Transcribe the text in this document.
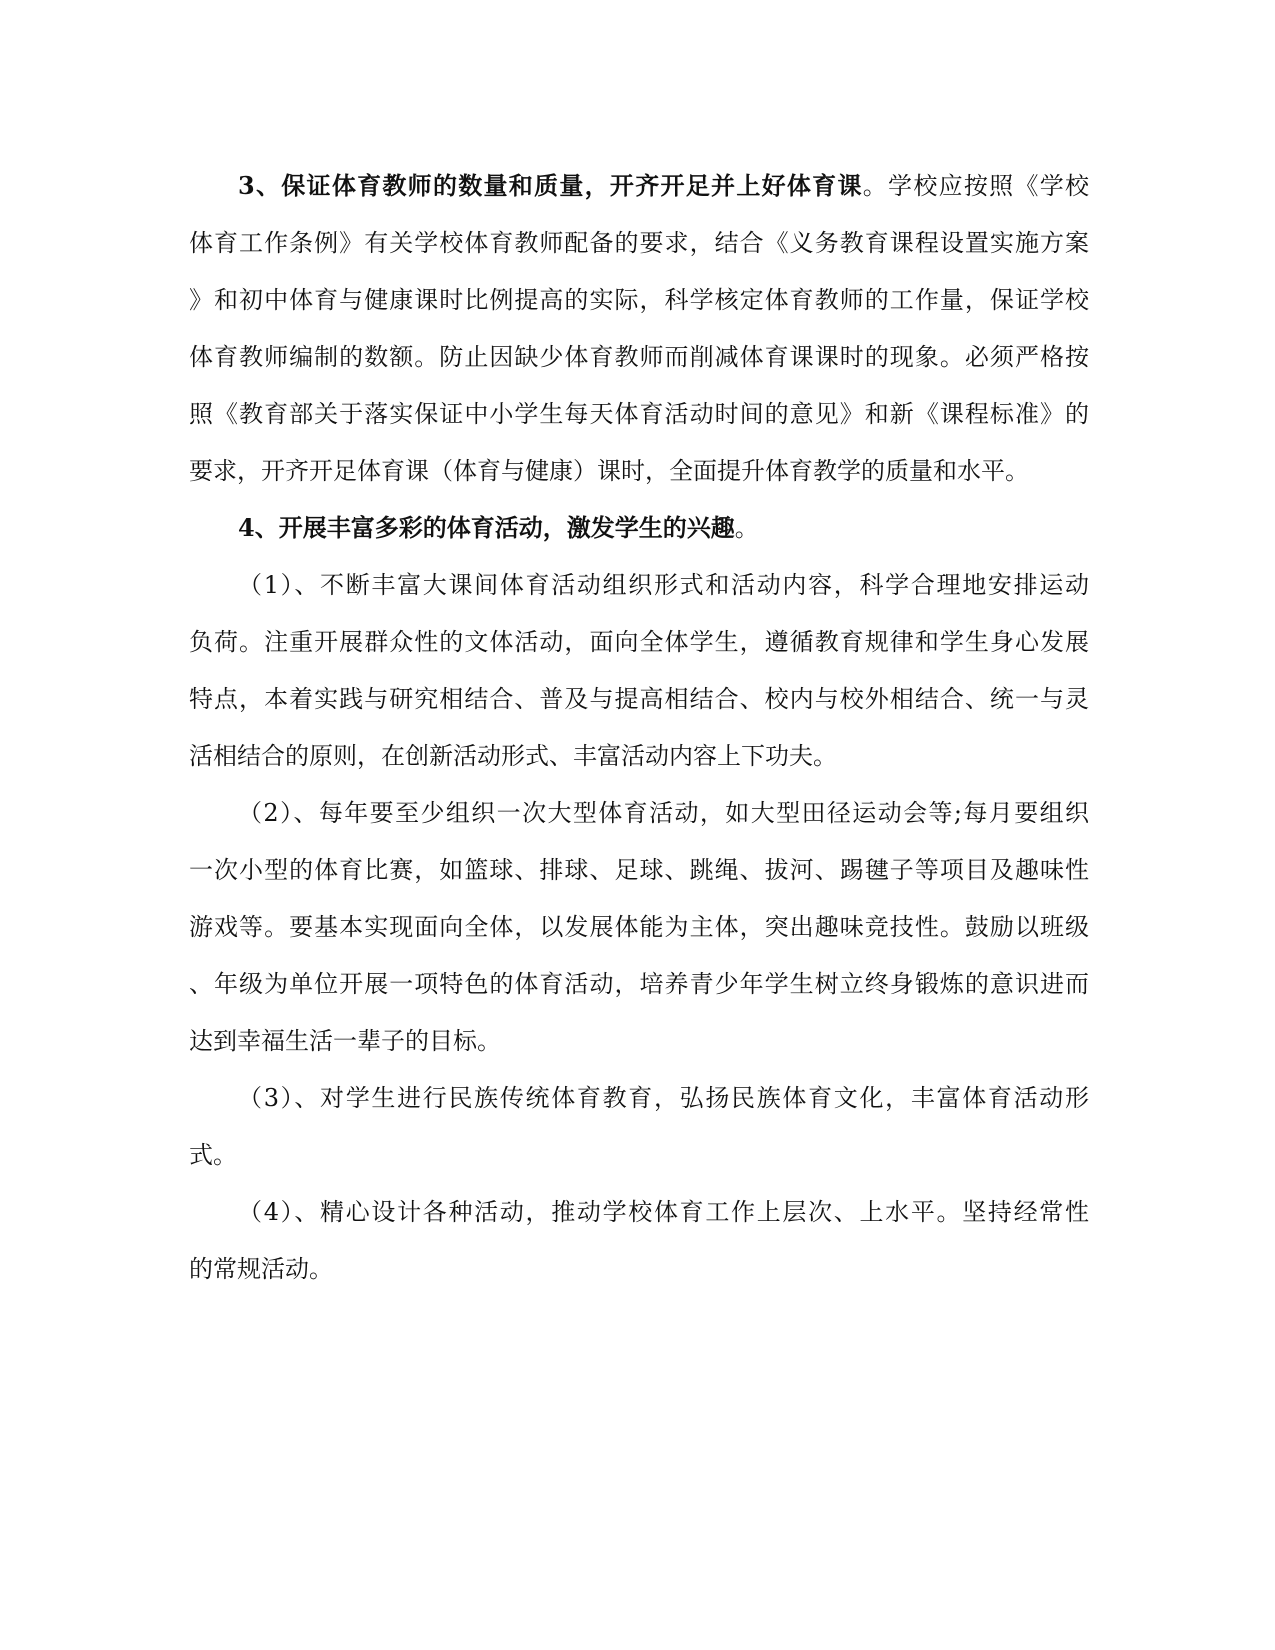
3、保证体育教师的数量和质量，开齐开足并上好体育课。学校应按照《学校
体育工作条例》有关学校体育教师配备的要求，结合《义务教育课程设置实施方案
》和初中体育与健康课时比例提高的实际，科学核定体育教师的工作量，保证学校
体育教师编制的数额。防止因缺少体育教师而削减体育课课时的现象。必须严格按
照《教育部关于落实保证中小学生每天体育活动时间的意见》和新《课程标准》的
要求，开齐开足体育课（体育与健康）课时，全面提升体育教学的质量和水平。
4、开展丰富多彩的体育活动，激发学生的兴趣。
（1）、不断丰富大课间体育活动组织形式和活动内容，科学合理地安排运动
负荷。注重开展群众性的文体活动，面向全体学生，遵循教育规律和学生身心发展
特点，本着实践与研究相结合、普及与提高相结合、校内与校外相结合、统一与灵
活相结合的原则，在创新活动形式、丰富活动内容上下功夫。
（2）、每年要至少组织一次大型体育活动，如大型田径运动会等;每月要组织
一次小型的体育比赛，如篮球、排球、足球、跳绳、拔河、踢毽子等项目及趣味性
游戏等。要基本实现面向全体，以发展体能为主体，突出趣味竞技性。鼓励以班级
、年级为单位开展一项特色的体育活动，培养青少年学生树立终身锻炼的意识进而
达到幸福生活一辈子的目标。
（3）、对学生进行民族传统体育教育，弘扬民族体育文化，丰富体育活动形
式。
（4）、精心设计各种活动，推动学校体育工作上层次、上水平。坚持经常性
的常规活动。
